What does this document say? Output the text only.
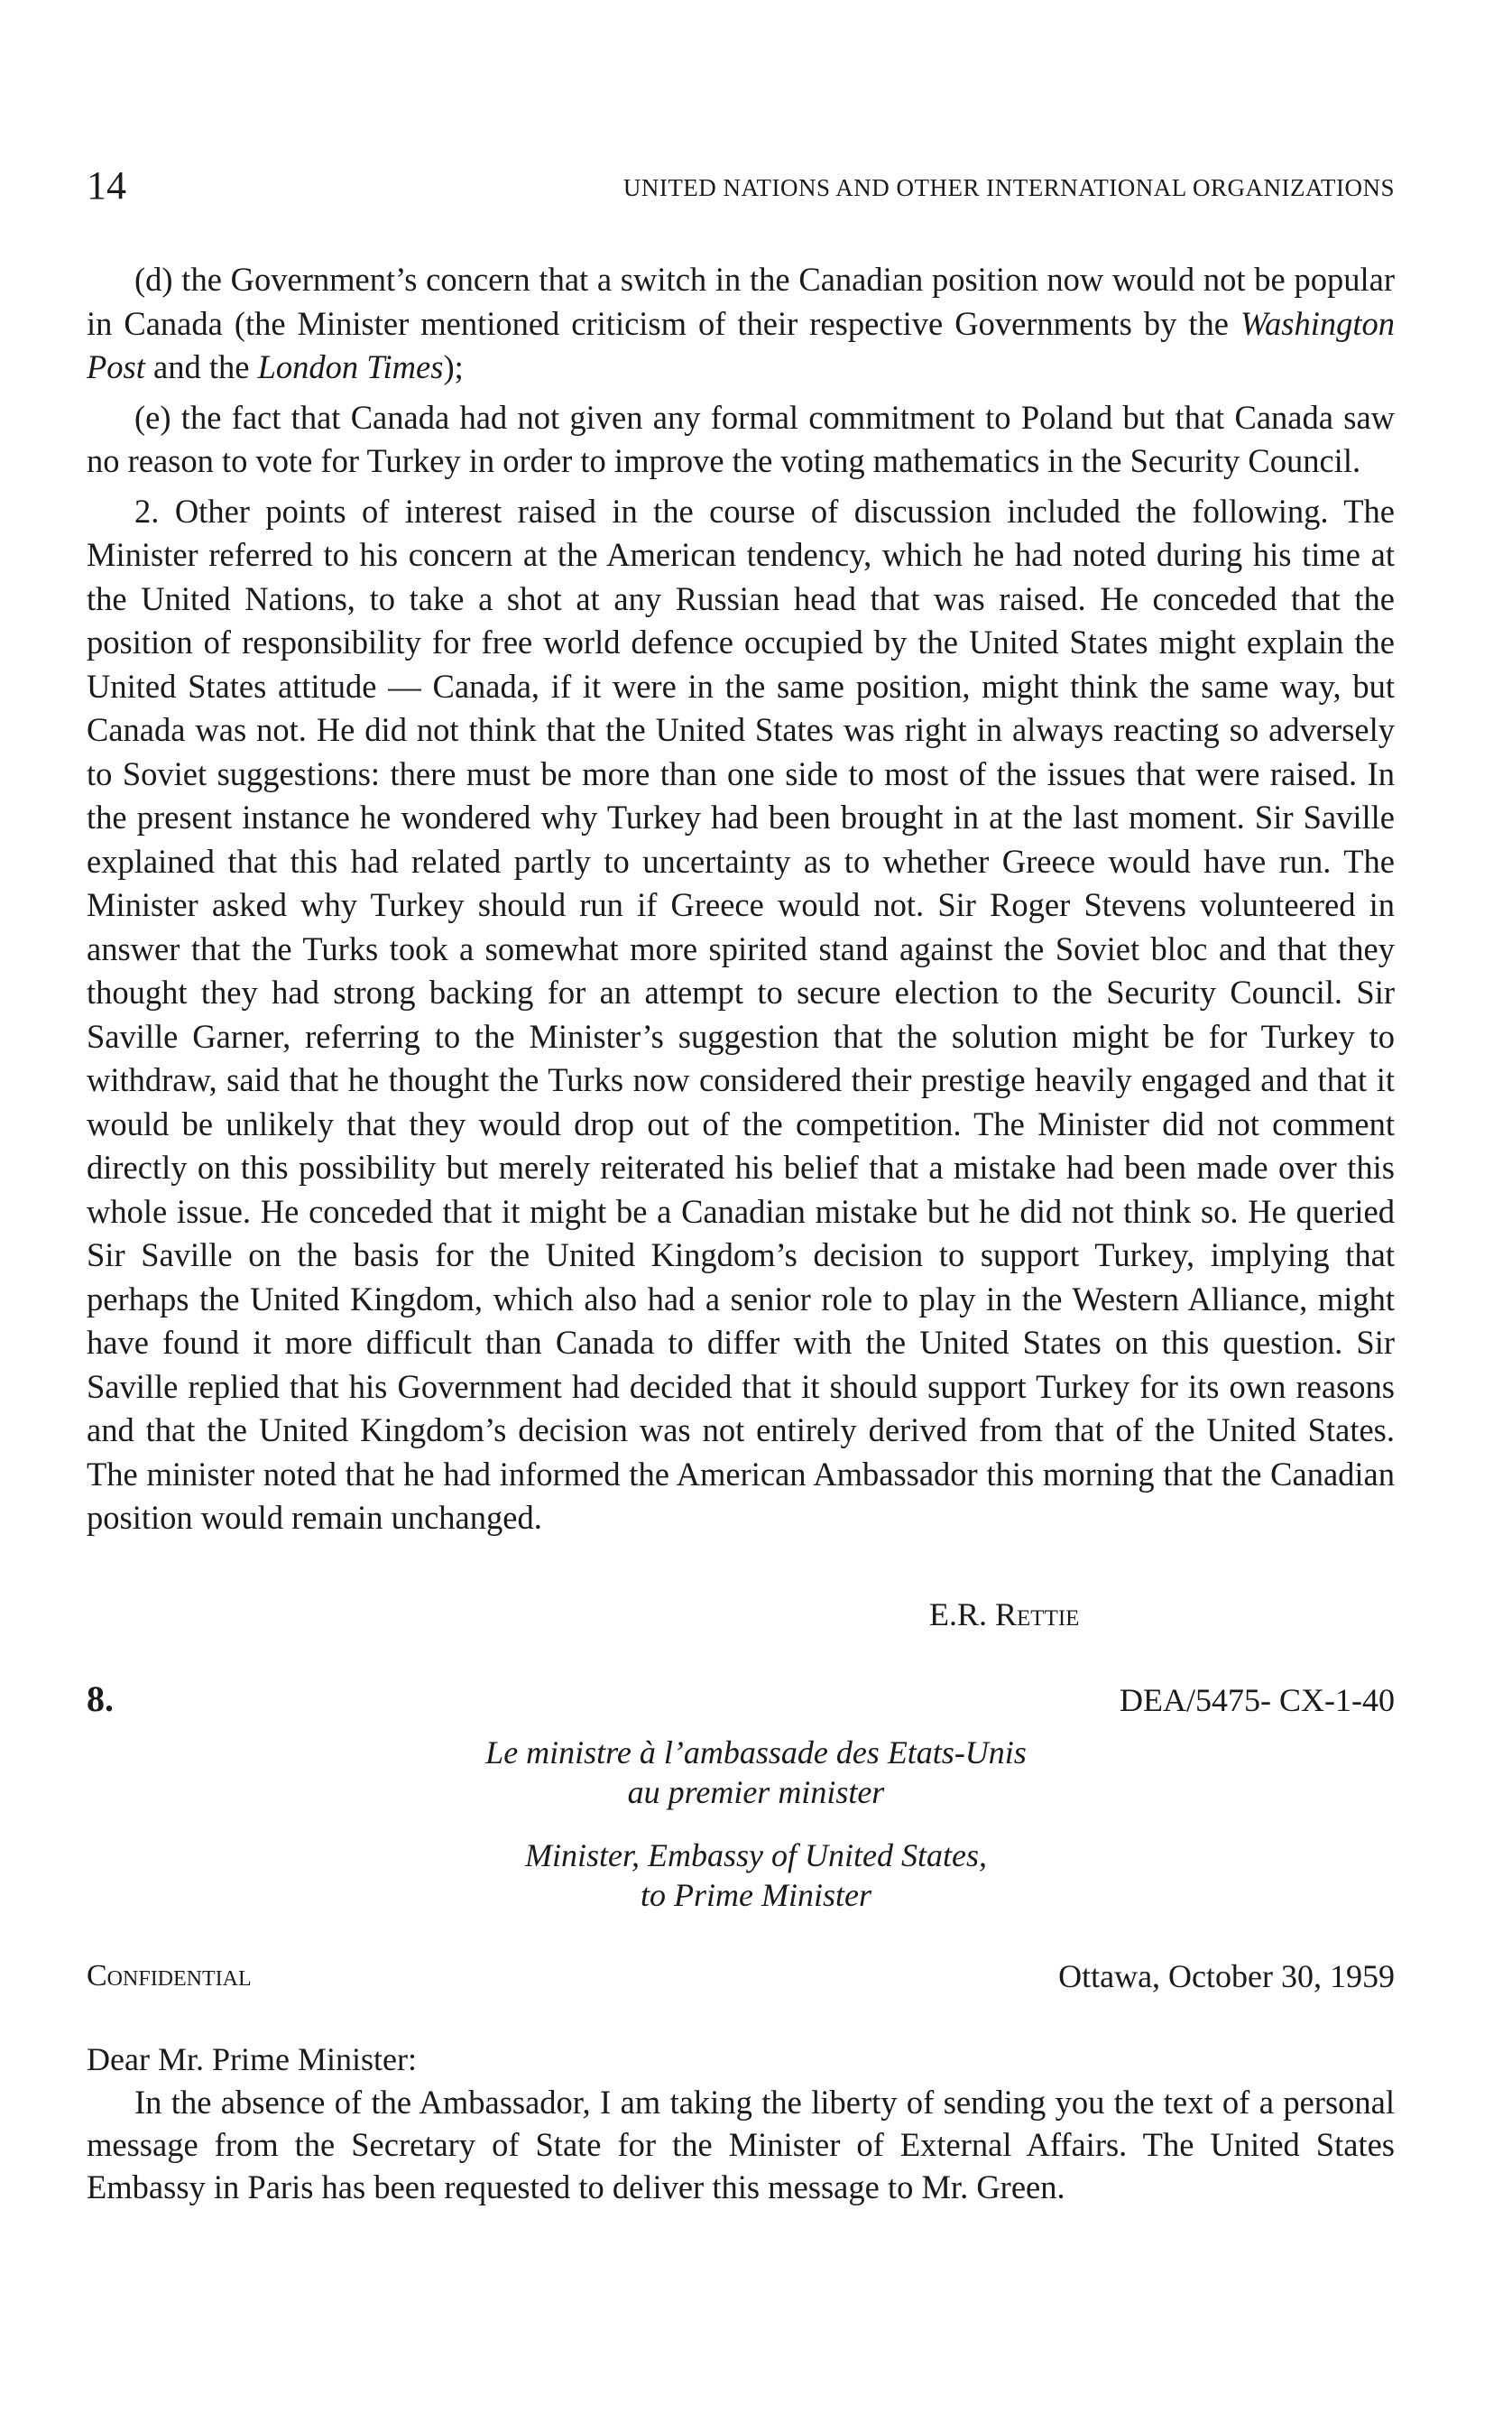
14	UNITED NATIONS AND OTHER INTERNATIONAL ORGANIZATIONS

(d) the Government’s concern that a switch in the Canadian position now would not be popular in Canada (the Minister mentioned criticism of their respective Governments by the Washington Post and the London Times);

(e) the fact that Canada had not given any formal commitment to Poland but that Canada saw no reason to vote for Turkey in order to improve the voting mathematics in the Security Council.

2. Other points of interest raised in the course of discussion included the following. The Minister referred to his concern at the American tendency, which he had noted during his time at the United Nations, to take a shot at any Russian head that was raised. He conceded that the position of responsibility for free world defence occupied by the United States might explain the United States attitude — Canada, if it were in the same position, might think the same way, but Canada was not. He did not think that the United States was right in always reacting so adversely to Soviet suggestions: there must be more than one side to most of the issues that were raised. In the present instance he wondered why Turkey had been brought in at the last moment. Sir Saville explained that this had related partly to uncertainty as to whether Greece would have run. The Minister asked why Turkey should run if Greece would not. Sir Roger Stevens volunteered in answer that the Turks took a somewhat more spirited stand against the Soviet bloc and that they thought they had strong backing for an attempt to secure election to the Security Council. Sir Saville Garner, referring to the Minister’s suggestion that the solution might be for Turkey to withdraw, said that he thought the Turks now considered their prestige heavily engaged and that it would be unlikely that they would drop out of the competition. The Minister did not comment directly on this possibility but merely reiterated his belief that a mistake had been made over this whole issue. He conceded that it might be a Canadian mistake but he did not think so. He queried Sir Saville on the basis for the United Kingdom’s decision to support Turkey, implying that perhaps the United Kingdom, which also had a senior role to play in the Western Alliance, might have found it more difficult than Canada to differ with the United States on this question. Sir Saville replied that his Government had decided that it should support Turkey for its own reasons and that the United Kingdom’s decision was not entirely derived from that of the United States. The minister noted that he had informed the American Ambassador this morning that the Canadian position would remain unchanged.

E.R. Rettie
8.	DEA/5475- CX-1-40
Le ministre à l’ambassade des Etats-Unis
au premier minister
Minister, Embassy of United States,
to Prime Minister
Confidential	Ottawa, October 30, 1959
Dear Mr. Prime Minister:

In the absence of the Ambassador, I am taking the liberty of sending you the text of a personal message from the Secretary of State for the Minister of External Affairs. The United States Embassy in Paris has been requested to deliver this message to Mr. Green.
